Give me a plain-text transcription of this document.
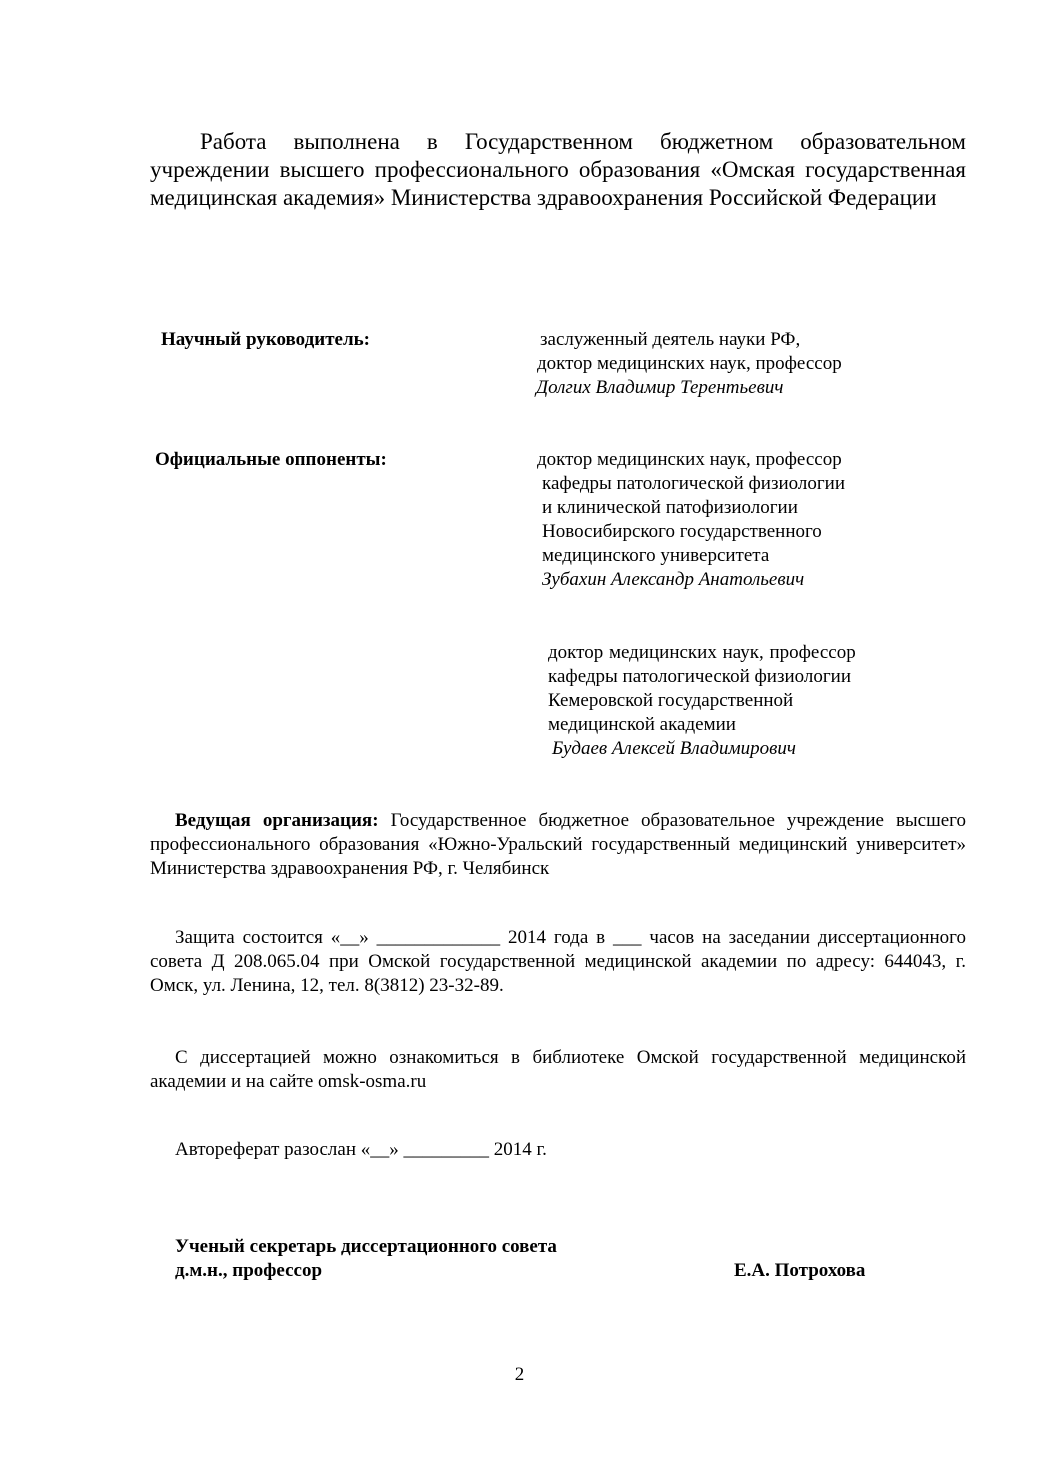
Работа выполнена в Государственном бюджетном образовательном учреждении высшего профессионального образования «Омская государственная медицинская академия» Министерства здравоохранения Российской Федерации
Научный руководитель:	заслуженный деятель науки РФ,
доктор медицинских наук, профессор
Долгих Владимир Терентьевич
Официальные оппоненты:	доктор медицинских наук, профессор
кафедры патологической физиологии
и клинической патофизиологии
Новосибирского государственного
медицинского университета
Зубахин Александр Анатольевич
доктор медицинских наук, профессор
кафедры патологической физиологии
Кемеровской государственной
медицинской академии
Будаев Алексей Владимирович
Ведущая организация: Государственное бюджетное образовательное учреждение высшего профессионального образования «Южно-Уральский государственный медицинский университет» Министерства здравоохранения РФ, г. Челябинск
Защита состоится «__» _____________ 2014 года в ___ часов на заседании диссертационного совета Д 208.065.04 при Омской государственной медицинской академии по адресу: 644043, г. Омск, ул. Ленина, 12, тел. 8(3812) 23-32-89.
С диссертацией можно ознакомиться в библиотеке Омской государственной медицинской академии и на сайте omsk-osma.ru
Автореферат разослан «__» _________ 2014 г.
Ученый секретарь диссертационного совета
д.м.н., профессор	Е.А. Потрохова
2
